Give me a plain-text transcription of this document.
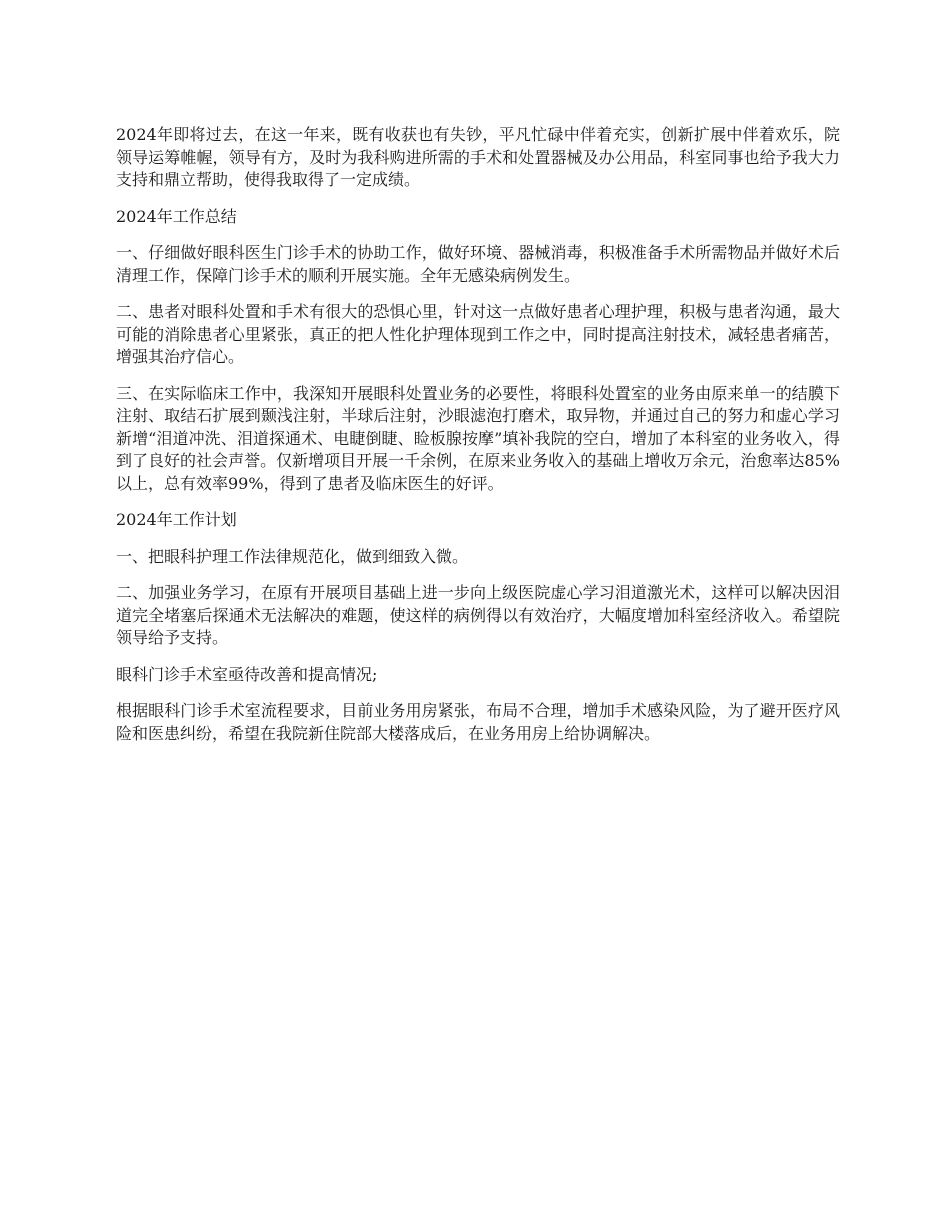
2024年即将过去，在这一年来，既有收获也有失钞，平凡忙碌中伴着充实，创新扩展中伴着欢乐，院领导运筹帷幄，领导有方，及时为我科购进所需的手术和处置器械及办公用品，科室同事也给予我大力支持和鼎立帮助，使得我取得了一定成绩。

2024年工作总结

一、仔细做好眼科医生门诊手术的协助工作，做好环境、器械消毒，积极准备手术所需物品并做好术后清理工作，保障门诊手术的顺利开展实施。全年无感染病例发生。

二、患者对眼科处置和手术有很大的恐惧心里，针对这一点做好患者心理护理，积极与患者沟通，最大可能的消除患者心里紧张，真正的把人性化护理体现到工作之中，同时提高注射技术，减轻患者痛苦，增强其治疗信心。

三、在实际临床工作中，我深知开展眼科处置业务的必要性，将眼科处置室的业务由原来单一的结膜下注射、取结石扩展到颞浅注射，半球后注射，沙眼滤泡打磨术，取异物，并通过自己的努力和虚心学习新增“泪道冲洗、泪道探通术、电睫倒睫、睑板腺按摩”填补我院的空白，增加了本科室的业务收入，得到了良好的社会声誉。仅新增项目开展一千余例，在原来业务收入的基础上增收万余元，治愈率达85%以上，总有效率99%，得到了患者及临床医生的好评。

2024年工作计划

一、把眼科护理工作法律规范化，做到细致入微。

二、加强业务学习，在原有开展项目基础上进一步向上级医院虚心学习泪道激光术，这样可以解决因泪道完全堵塞后探通术无法解决的难题，使这样的病例得以有效治疗，大幅度增加科室经济收入。希望院领导给予支持。

眼科门诊手术室亟待改善和提高情况;

根据眼科门诊手术室流程要求，目前业务用房紧张，布局不合理，增加手术感染风险，为了避开医疗风险和医患纠纷，希望在我院新住院部大楼落成后，在业务用房上给协调解决。
